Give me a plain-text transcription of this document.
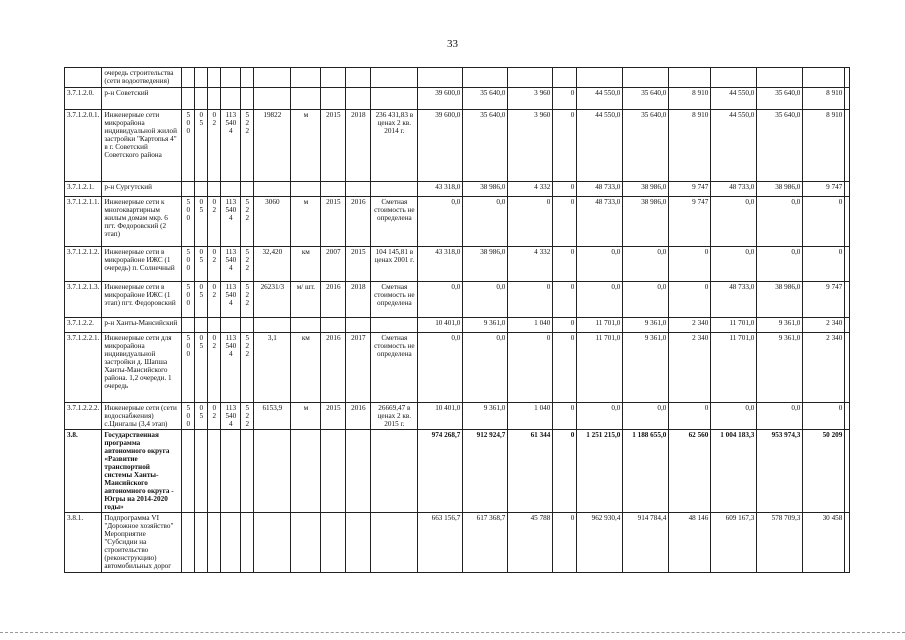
33
	очередь строительства (сети водоотведения)																					
3.7.1.2.0.	р-н Советский											39 600,0	35 640,0	3 960	0	44 550,0	35 640,0	8 910	44 550,0	35 640,0	8 910	
3.7.1.2.0.1.	Инженерные сети микрорайона индивидуальной жилой застройки "Картопья 4" в г. Советский Советского района	5 0 0	0 5	0 2	113 540 4	5 2 2	19822	м	2015	2018	236 431,83 в ценах 2 кв. 2014 г.	39 600,0	35 640,0	3 960	0	44 550,0	35 640,0	8 910	44 550,0	35 640,0	8 910	
3.7.1.2.1.	р-н Сургутский											43 318,0	38 986,0	4 332	0	48 733,0	38 986,0	9 747	48 733,0	38 986,0	9 747	
3.7.1.2.1.1.	Инженерные сети к многоквартирным жилым домам мкр. 6 пгт. Федоровский (2 этап)	5 0 0	0 5	0 2	113 540 4	5 2 2	3060	м	2015	2016	Сметная стоимость не определена	0,0	0,0	0	0	48 733,0	38 986,0	9 747	0,0	0,0	0	
3.7.1.2.1.2.	Инженерные сети в микрорайоне ИЖС (1 очередь) п. Солнечный	5 0 0	0 5	0 2	113 540 4	5 2 2	32,420	км	2007	2015	104 145,81 в ценах 2001 г.	43 318,0	38 986,0	4 332	0	0,0	0,0	0	0,0	0,0	0	
3.7.1.2.1.3.	Инженерные сети в микрорайоне ИЖС (1 этап) пгт. Федоровский	5 0 0	0 5	0 2	113 540 4	5 2 2	26231/3	м/ шт.	2016	2018	Сметная стоимость не определена	0,0	0,0	0	0	0,0	0,0	0	48 733,0	38 986,0	9 747	
3.7.1.2.2.	р-н Ханты-Мансийский											10 401,0	9 361,0	1 040	0	11 701,0	9 361,0	2 340	11 701,0	9 361,0	2 340	
3.7.1.2.2.1.	Инженерные сети для микрорайона индивидуальной застройки д. Шапша Ханты-Мансийского района. 1,2 очереди. 1 очередь	5 0 0	0 5	0 2	113 540 4	5 2 2	3,1	км	2016	2017	Сметная стоимость не определена	0,0	0,0	0	0	11 701,0	9 361,0	2 340	11 701,0	9 361,0	2 340	
3.7.1.2.2.2.	Инженерные сети (сети водоснабжения) с.Цингалы (3,4 этап)	5 0 0	0 5	0 2	113 540 4	5 2 2	6153,9	м	2015	2016	26669,47 в ценах 2 кв. 2015 г.	10 401,0	9 361,0	1 040	0	0,0	0,0	0	0,0	0,0	0	
3.8.	Государственная программа автономного округа «Развитие транспортной системы Ханты-Мансийского автономного округа - Югры на 2014-2020 годы»											974 268,7	912 924,7	61 344	0	1 251 215,0	1 188 655,0	62 560	1 004 183,3	953 974,3	50 209	
3.8.1.	Подпрограмма VI "Дорожное хозяйство" Мероприятие "Субсидии на строительство (реконструкцию) автомобильных дорог											663 156,7	617 368,7	45 788	0	962 930,4	914 784,4	48 146	609 167,3	578 709,3	30 458	
